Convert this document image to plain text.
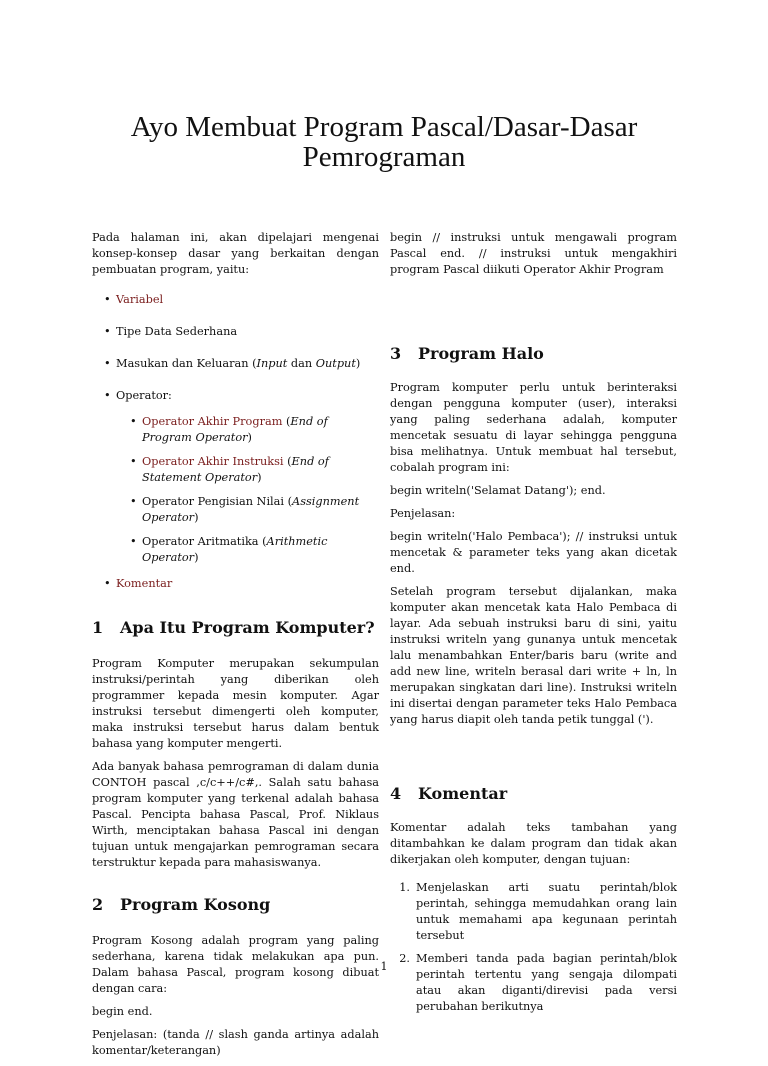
Ayo Membuat Program Pascal/Dasar-Dasar Pemrograman

Pada halaman ini, akan dipelajari mengenai konsep-konsep dasar yang berkaitan dengan pembuatan program, yaitu:

• Variabel
• Tipe Data Sederhana
• Masukan dan Keluaran (Input dan Output)
• Operator:
• Operator Akhir Program (End of Program Operator)
• Operator Akhir Instruksi (End of Statement Operator)
• Operator Pengisian Nilai (Assignment Operator)
• Operator Aritmatika (Arithmetic Operator)
• Komentar
1 Apa Itu Program Komputer?

Program Komputer merupakan sekumpulan instruksi/perintah yang diberikan oleh programmer kepada mesin komputer. Agar instruksi tersebut dimengerti oleh komputer, maka instruksi tersebut harus dalam bentuk bahasa yang komputer mengerti.

Ada banyak bahasa pemrograman di dalam dunia CONTOH pascal ,c/c++/c#,. Salah satu bahasa program komputer yang terkenal adalah bahasa Pascal. Pencipta bahasa Pascal, Prof. Niklaus Wirth, menciptakan bahasa Pascal ini dengan tujuan untuk mengajarkan pemrograman secara terstruktur kepada para mahasiswanya.

2 Program Kosong

Program Kosong adalah program yang paling sederhana, karena tidak melakukan apa pun. Dalam bahasa Pascal, program kosong dibuat dengan cara:

begin end.

Penjelasan: (tanda // slash ganda artinya adalah komentar/keterangan)

begin // instruksi untuk mengawali program Pascal end. // instruksi untuk mengakhiri program Pascal diikuti Operator Akhir Program

3 Program Halo

Program komputer perlu untuk berinteraksi dengan pengguna komputer (user), interaksi yang paling sederhana adalah, komputer mencetak sesuatu di layar sehingga pengguna bisa melihatnya. Untuk membuat hal tersebut, cobalah program ini:

begin writeln('Selamat Datang'); end.

Penjelasan:

begin writeln('Halo Pembaca'); // instruksi untuk mencetak & parameter teks yang akan dicetak end.

Setelah program tersebut dijalankan, maka komputer akan mencetak kata Halo Pembaca di layar. Ada sebuah instruksi baru di sini, yaitu instruksi writeln yang gunanya untuk mencetak lalu menambahkan Enter/baris baru (write and add new line, writeln berasal dari write + ln, ln merupakan singkatan dari line). Instruksi writeln ini disertai dengan parameter teks Halo Pembaca yang harus diapit oleh tanda petik tunggal (').

4 Komentar

Komentar adalah teks tambahan yang ditambahkan ke dalam program dan tidak akan dikerjakan oleh komputer, dengan tujuan:

1. Menjelaskan arti suatu perintah/blok perintah, sehingga memudahkan orang lain untuk memahami apa kegunaan perintah tersebut
2. Memberi tanda pada bagian perintah/blok perintah tertentu yang sengaja dilompati atau akan diganti/direvisi pada versi perubahan berikutnya
1
